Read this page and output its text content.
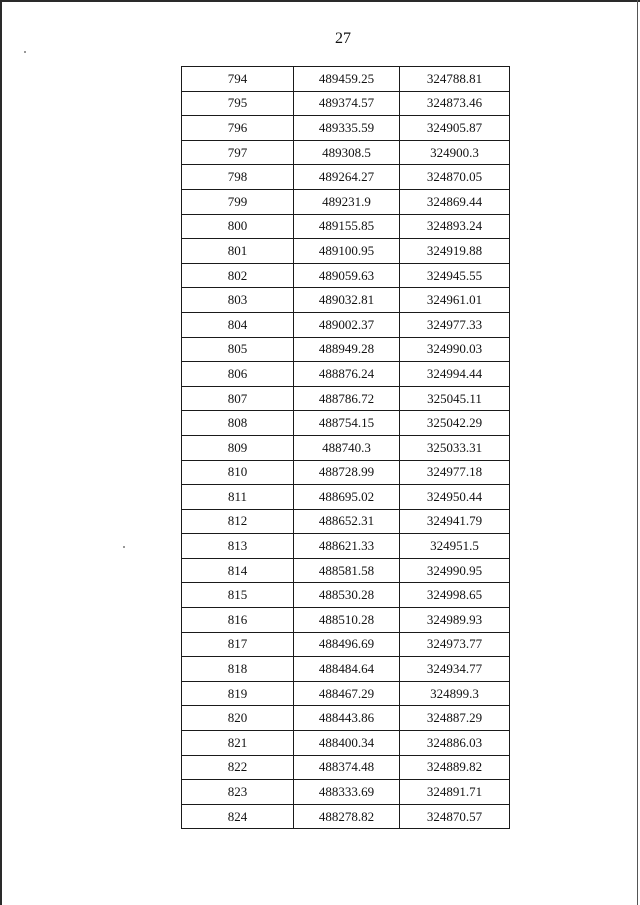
27
794	489459.25	324788.81
795	489374.57	324873.46
796	489335.59	324905.87
797	489308.5	324900.3
798	489264.27	324870.05
799	489231.9	324869.44
800	489155.85	324893.24
801	489100.95	324919.88
802	489059.63	324945.55
803	489032.81	324961.01
804	489002.37	324977.33
805	488949.28	324990.03
806	488876.24	324994.44
807	488786.72	325045.11
808	488754.15	325042.29
809	488740.3	325033.31
810	488728.99	324977.18
811	488695.02	324950.44
812	488652.31	324941.79
813	488621.33	324951.5
814	488581.58	324990.95
815	488530.28	324998.65
816	488510.28	324989.93
817	488496.69	324973.77
818	488484.64	324934.77
819	488467.29	324899.3
820	488443.86	324887.29
821	488400.34	324886.03
822	488374.48	324889.82
823	488333.69	324891.71
824	488278.82	324870.57
